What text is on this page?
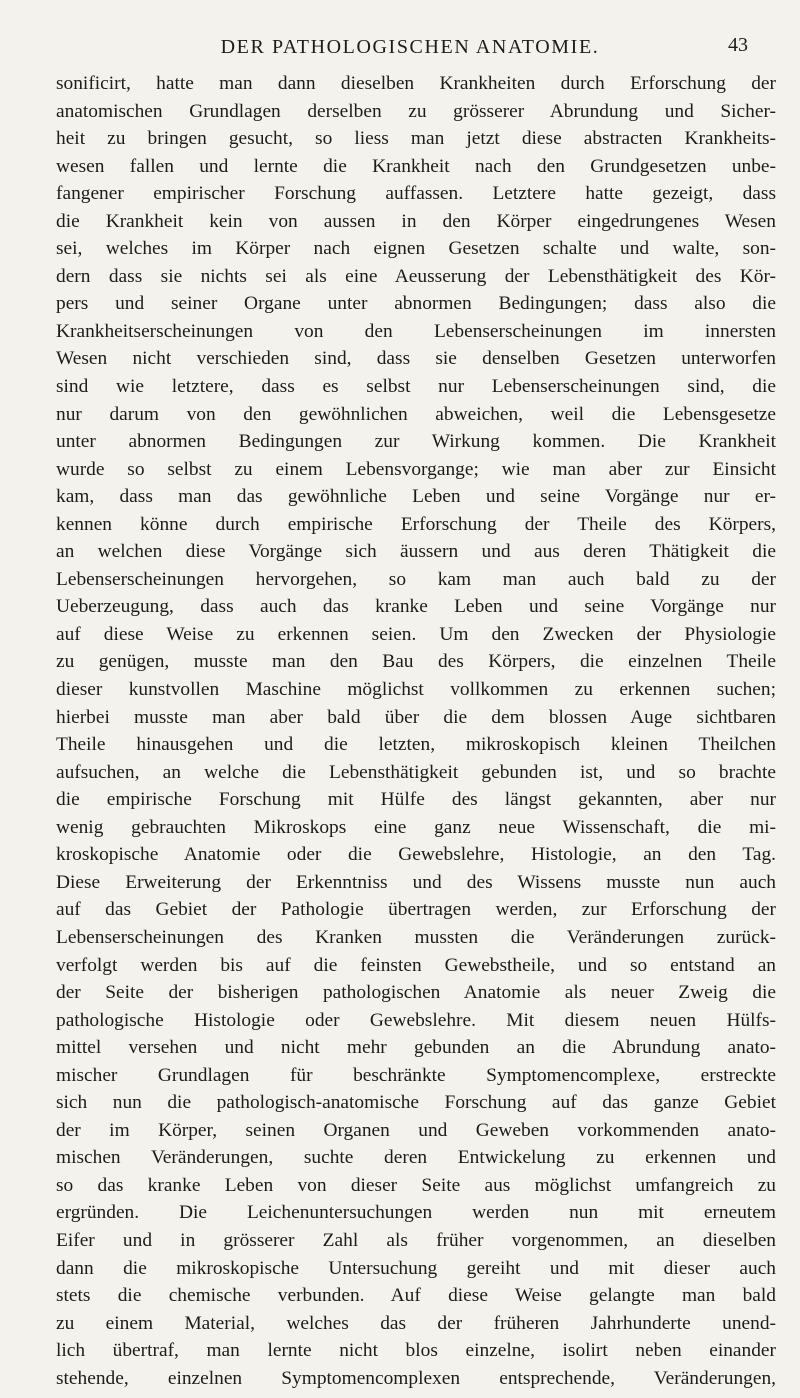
DER PATHOLOGISCHEN ANATOMIE.	43
sonificirt, hatte man dann dieselben Krankheiten durch Erforschung der
anatomischen Grundlagen derselben zu grösserer Abrundung und Sicher-
heit zu bringen gesucht, so liess man jetzt diese abstracten Krankheits-
wesen fallen und lernte die Krankheit nach den Grundgesetzen unbe-
fangener empirischer Forschung auffassen. Letztere hatte gezeigt, dass
die Krankheit kein von aussen in den Körper eingedrungenes Wesen
sei, welches im Körper nach eignen Gesetzen schalte und walte, son-
dern dass sie nichts sei als eine Aeusserung der Lebensthätigkeit des Kör-
pers und seiner Organe unter abnormen Bedingungen; dass also die
Krankheitserscheinungen von den Lebenserscheinungen im innersten
Wesen nicht verschieden sind, dass sie denselben Gesetzen unterworfen
sind wie letztere, dass es selbst nur Lebenserscheinungen sind, die
nur darum von den gewöhnlichen abweichen, weil die Lebensgesetze
unter abnormen Bedingungen zur Wirkung kommen. Die Krankheit
wurde so selbst zu einem Lebensvorgange; wie man aber zur Einsicht
kam, dass man das gewöhnliche Leben und seine Vorgänge nur er-
kennen könne durch empirische Erforschung der Theile des Körpers,
an welchen diese Vorgänge sich äussern und aus deren Thätigkeit die
Lebenserscheinungen hervorgehen, so kam man auch bald zu der
Ueberzeugung, dass auch das kranke Leben und seine Vorgänge nur
auf diese Weise zu erkennen seien. Um den Zwecken der Physiologie
zu genügen, musste man den Bau des Körpers, die einzelnen Theile
dieser kunstvollen Maschine möglichst vollkommen zu erkennen suchen;
hierbei musste man aber bald über die dem blossen Auge sichtbaren
Theile hinausgehen und die letzten, mikroskopisch kleinen Theilchen
aufsuchen, an welche die Lebensthätigkeit gebunden ist, und so brachte
die empirische Forschung mit Hülfe des längst gekannten, aber nur
wenig gebrauchten Mikroskops eine ganz neue Wissenschaft, die mi-
kroskopische Anatomie oder die Gewebslehre, Histologie, an den Tag.
Diese Erweiterung der Erkenntniss und des Wissens musste nun auch
auf das Gebiet der Pathologie übertragen werden, zur Erforschung der
Lebenserscheinungen des Kranken mussten die Veränderungen zurück-
verfolgt werden bis auf die feinsten Gewebstheile, und so entstand an
der Seite der bisherigen pathologischen Anatomie als neuer Zweig die
pathologische Histologie oder Gewebslehre. Mit diesem neuen Hülfs-
mittel versehen und nicht mehr gebunden an die Abrundung anato-
mischer Grundlagen für beschränkte Symptomencomplexe, erstreckte
sich nun die pathologisch-anatomische Forschung auf das ganze Gebiet
der im Körper, seinen Organen und Geweben vorkommenden anato-
mischen Veränderungen, suchte deren Entwickelung zu erkennen und
so das kranke Leben von dieser Seite aus möglichst umfangreich zu
ergründen. Die Leichenuntersuchungen werden nun mit erneutem
Eifer und in grösserer Zahl als früher vorgenommen, an dieselben
dann die mikroskopische Untersuchung gereiht und mit dieser auch
stets die chemische verbunden. Auf diese Weise gelangte man bald
zu einem Material, welches das der früheren Jahrhunderte unend-
lich übertraf, man lernte nicht blos einzelne, isolirt neben einander
stehende, einzelnen Symptomencomplexen entsprechende, Veränderungen,
